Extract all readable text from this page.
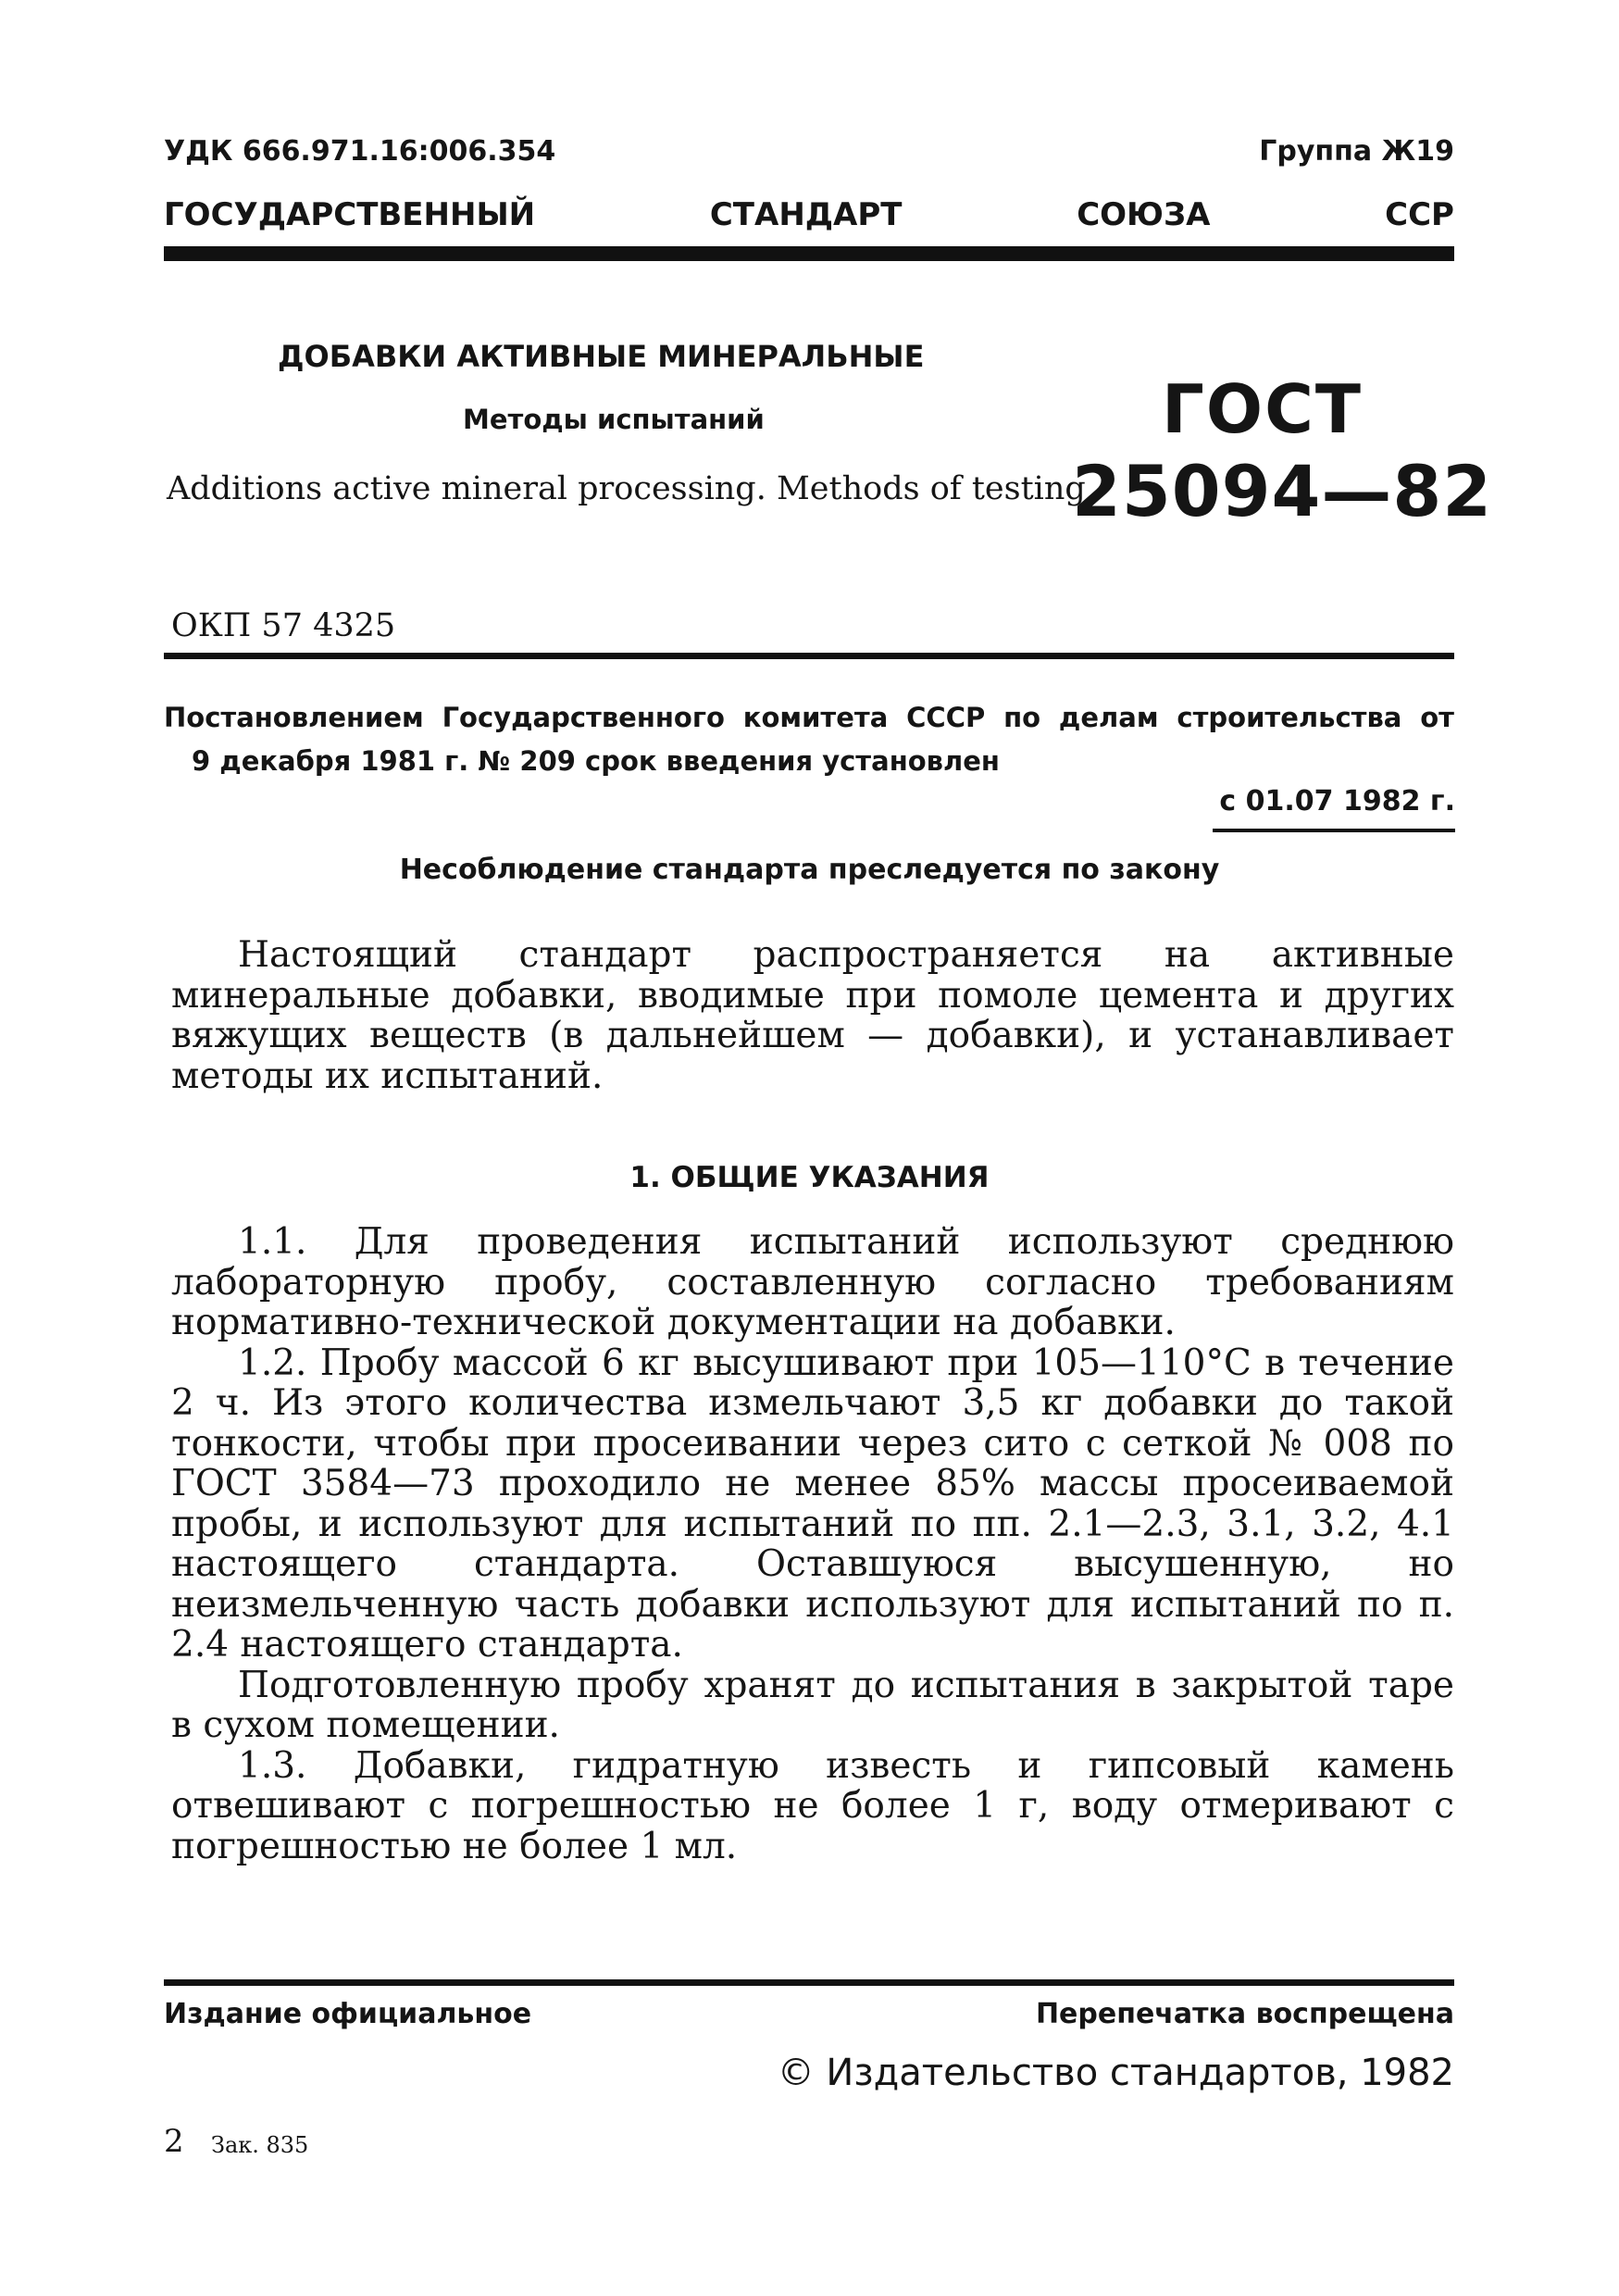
УДК 666.971.16:006.354	Группа Ж19
ГОСУДАРСТВЕННЫЙ	СТАНДАРТ	СОЮЗА	ССР
ДОБАВКИ АКТИВНЫЕ МИНЕРАЛЬНЫЕ
Методы испытаний
Additions active mineral processing. Methods of testing
ГОСТ
25094—82
ОКП 57 4325
Постановлением Государственного комитета СССР по делам строительства от
9 декабря 1981 г. № 209 срок введения установлен
с 01.07 1982 г.
Несоблюдение стандарта преследуется по закону

Настоящий стандарт распространяется на активные минеральные добавки, вводимые при помоле цемента и других вяжущих веществ (в дальнейшем — добавки), и устанавливает методы их испытаний.

1. ОБЩИЕ УКАЗАНИЯ

1.1. Для проведения испытаний используют среднюю лабораторную пробу, составленную согласно требованиям нормативно-технической документации на добавки.

1.2. Пробу массой 6 кг высушивают при 105—110°С в течение 2 ч. Из этого количества измельчают 3,5 кг добавки до такой тонкости, чтобы при просеивании через сито с сеткой № 008 по ГОСТ 3584—73 проходило не менее 85% массы просеиваемой пробы, и используют для испытаний по пп. 2.1—2.3, 3.1, 3.2, 4.1 настоящего стандарта. Оставшуюся высушенную, но неизмельченную часть добавки используют для испытаний по п. 2.4 настоящего стандарта.

Подготовленную пробу хранят до испытания в закрытой таре в сухом помещении.

1.3. Добавки, гидратную известь и гипсовый камень отвешивают с погрешностью не более 1 г, воду отмеривают с погрешностью не более 1 мл.

Издание официальное	Перепечатка воспрещена
© Издательство стандартов, 1982
2 Зак. 835
